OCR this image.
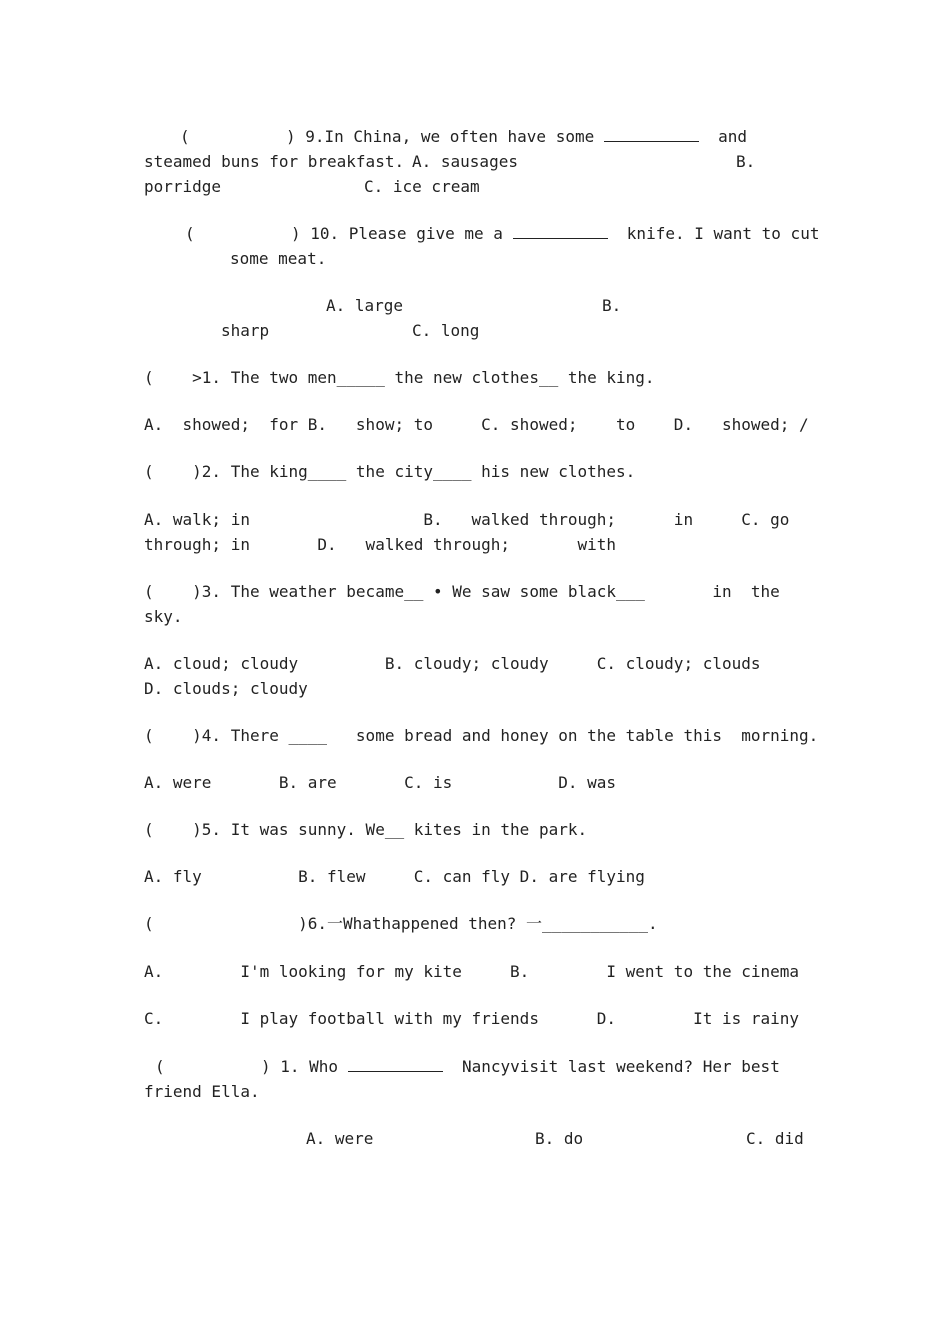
(          ) 9.In China, we often have some	and
steamed buns for breakfast. A. sausages	B.
porridge	C. ice cream
(          ) 10. Please give me a	knife. I want to cut
some meat.
A. large	B.
sharp	C. long
(    >1. The two men_____ the new clothes__ the king.
A.  showed;  for B.   show; to     C. showed;    to    D.   showed; /
(    )2. The king____ the city____ his new clothes.
A. walk; in                  B.   walked through;      in     C. go
through; in       D.   walked through;       with
(    )3. The weather became__ • We saw some black___       in  the
sky.
A. cloud; cloudy         B. cloudy; cloudy     C. cloudy; clouds
D. clouds; cloudy
(    )4. There ____   some bread and honey on the table this  morning.
A. were       B. are       C. is           D. was
(    )5. It was sunny. We__ kites in the park.
A. fly          B. flew     C. can fly D. are flying
(               )6.一Whathappened then? 一___________.
A.        I'm looking for my kite     B.        I went to the cinema
C.        I play football with my friends      D.        It is rainy
(          ) 1. Who	Nancyvisit last weekend? Her best
friend Ella.
A. were	B. do	C. did
